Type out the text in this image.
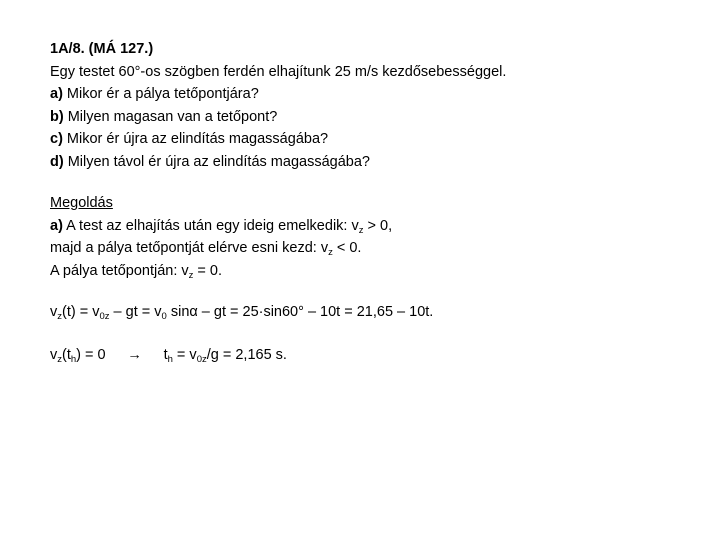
1A/8. (MÁ 127.)
Egy testet 60°-os szögben ferdén elhajítunk 25 m/s kezdősebességgel.
a) Mikor ér a pálya tetőpontjára?
b) Milyen magasan van a tetőpont?
c) Mikor ér újra az elindítás magasságába?
d) Milyen távol ér újra az elindítás magasságába?
Megoldás
a) A test az elhajítás után egy ideig emelkedik: $v_z > 0$,
majd a pálya tetőpontját elérve esni kezd: $v_z < 0$.
A pálya tetőpontján: $v_z = 0$.
$v_z(t) = v_{0z}$ – gt = $v_0$ sinα – gt = 25·sin60° – 10t = 21,65 – 10t.
$v_z(t_h) = 0 \to t_h = v_{0z}/g = 2,165$ s.
